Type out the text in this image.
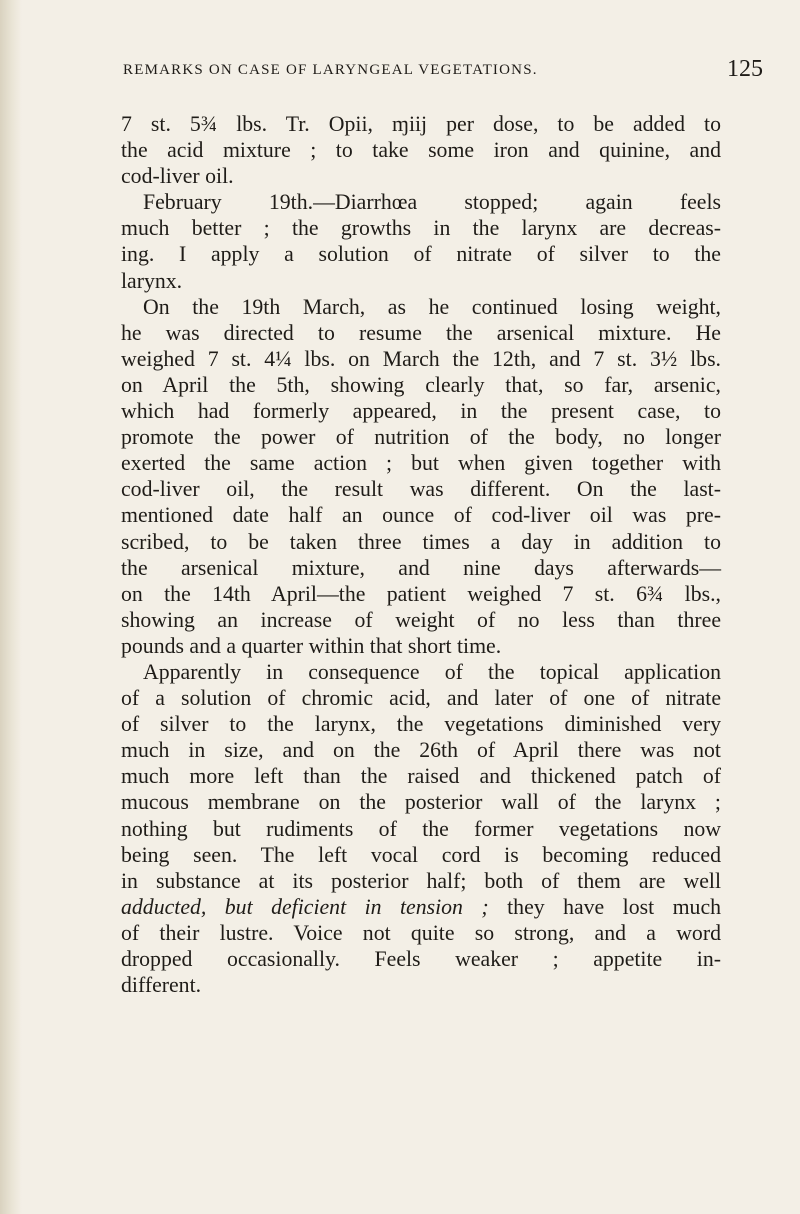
REMARKS ON CASE OF LARYNGEAL VEGETATIONS.	125
7 st. 5¾ lbs. Tr. Opii, ɱiij per dose, to be added to
the acid mixture ; to take some iron and quinine, and
cod-liver oil.
February 19th.—Diarrhœa stopped; again feels
much better ; the growths in the larynx are decreas-
ing. I apply a solution of nitrate of silver to the
larynx.
On the 19th March, as he continued losing weight,
he was directed to resume the arsenical mixture. He
weighed 7 st. 4¼ lbs. on March the 12th, and 7 st. 3½ lbs.
on April the 5th, showing clearly that, so far, arsenic,
which had formerly appeared, in the present case, to
promote the power of nutrition of the body, no longer
exerted the same action ; but when given together with
cod-liver oil, the result was different. On the last-
mentioned date half an ounce of cod-liver oil was pre-
scribed, to be taken three times a day in addition to
the arsenical mixture, and nine days afterwards—
on the 14th April—the patient weighed 7 st. 6¾ lbs.,
showing an increase of weight of no less than three
pounds and a quarter within that short time.
Apparently in consequence of the topical application
of a solution of chromic acid, and later of one of nitrate
of silver to the larynx, the vegetations diminished very
much in size, and on the 26th of April there was not
much more left than the raised and thickened patch of
mucous membrane on the posterior wall of the larynx ;
nothing but rudiments of the former vegetations now
being seen. The left vocal cord is becoming reduced
in substance at its posterior half; both of them are well
adducted, but deficient in tension ; they have lost much
of their lustre. Voice not quite so strong, and a word
dropped occasionally. Feels weaker ; appetite in-
different.
